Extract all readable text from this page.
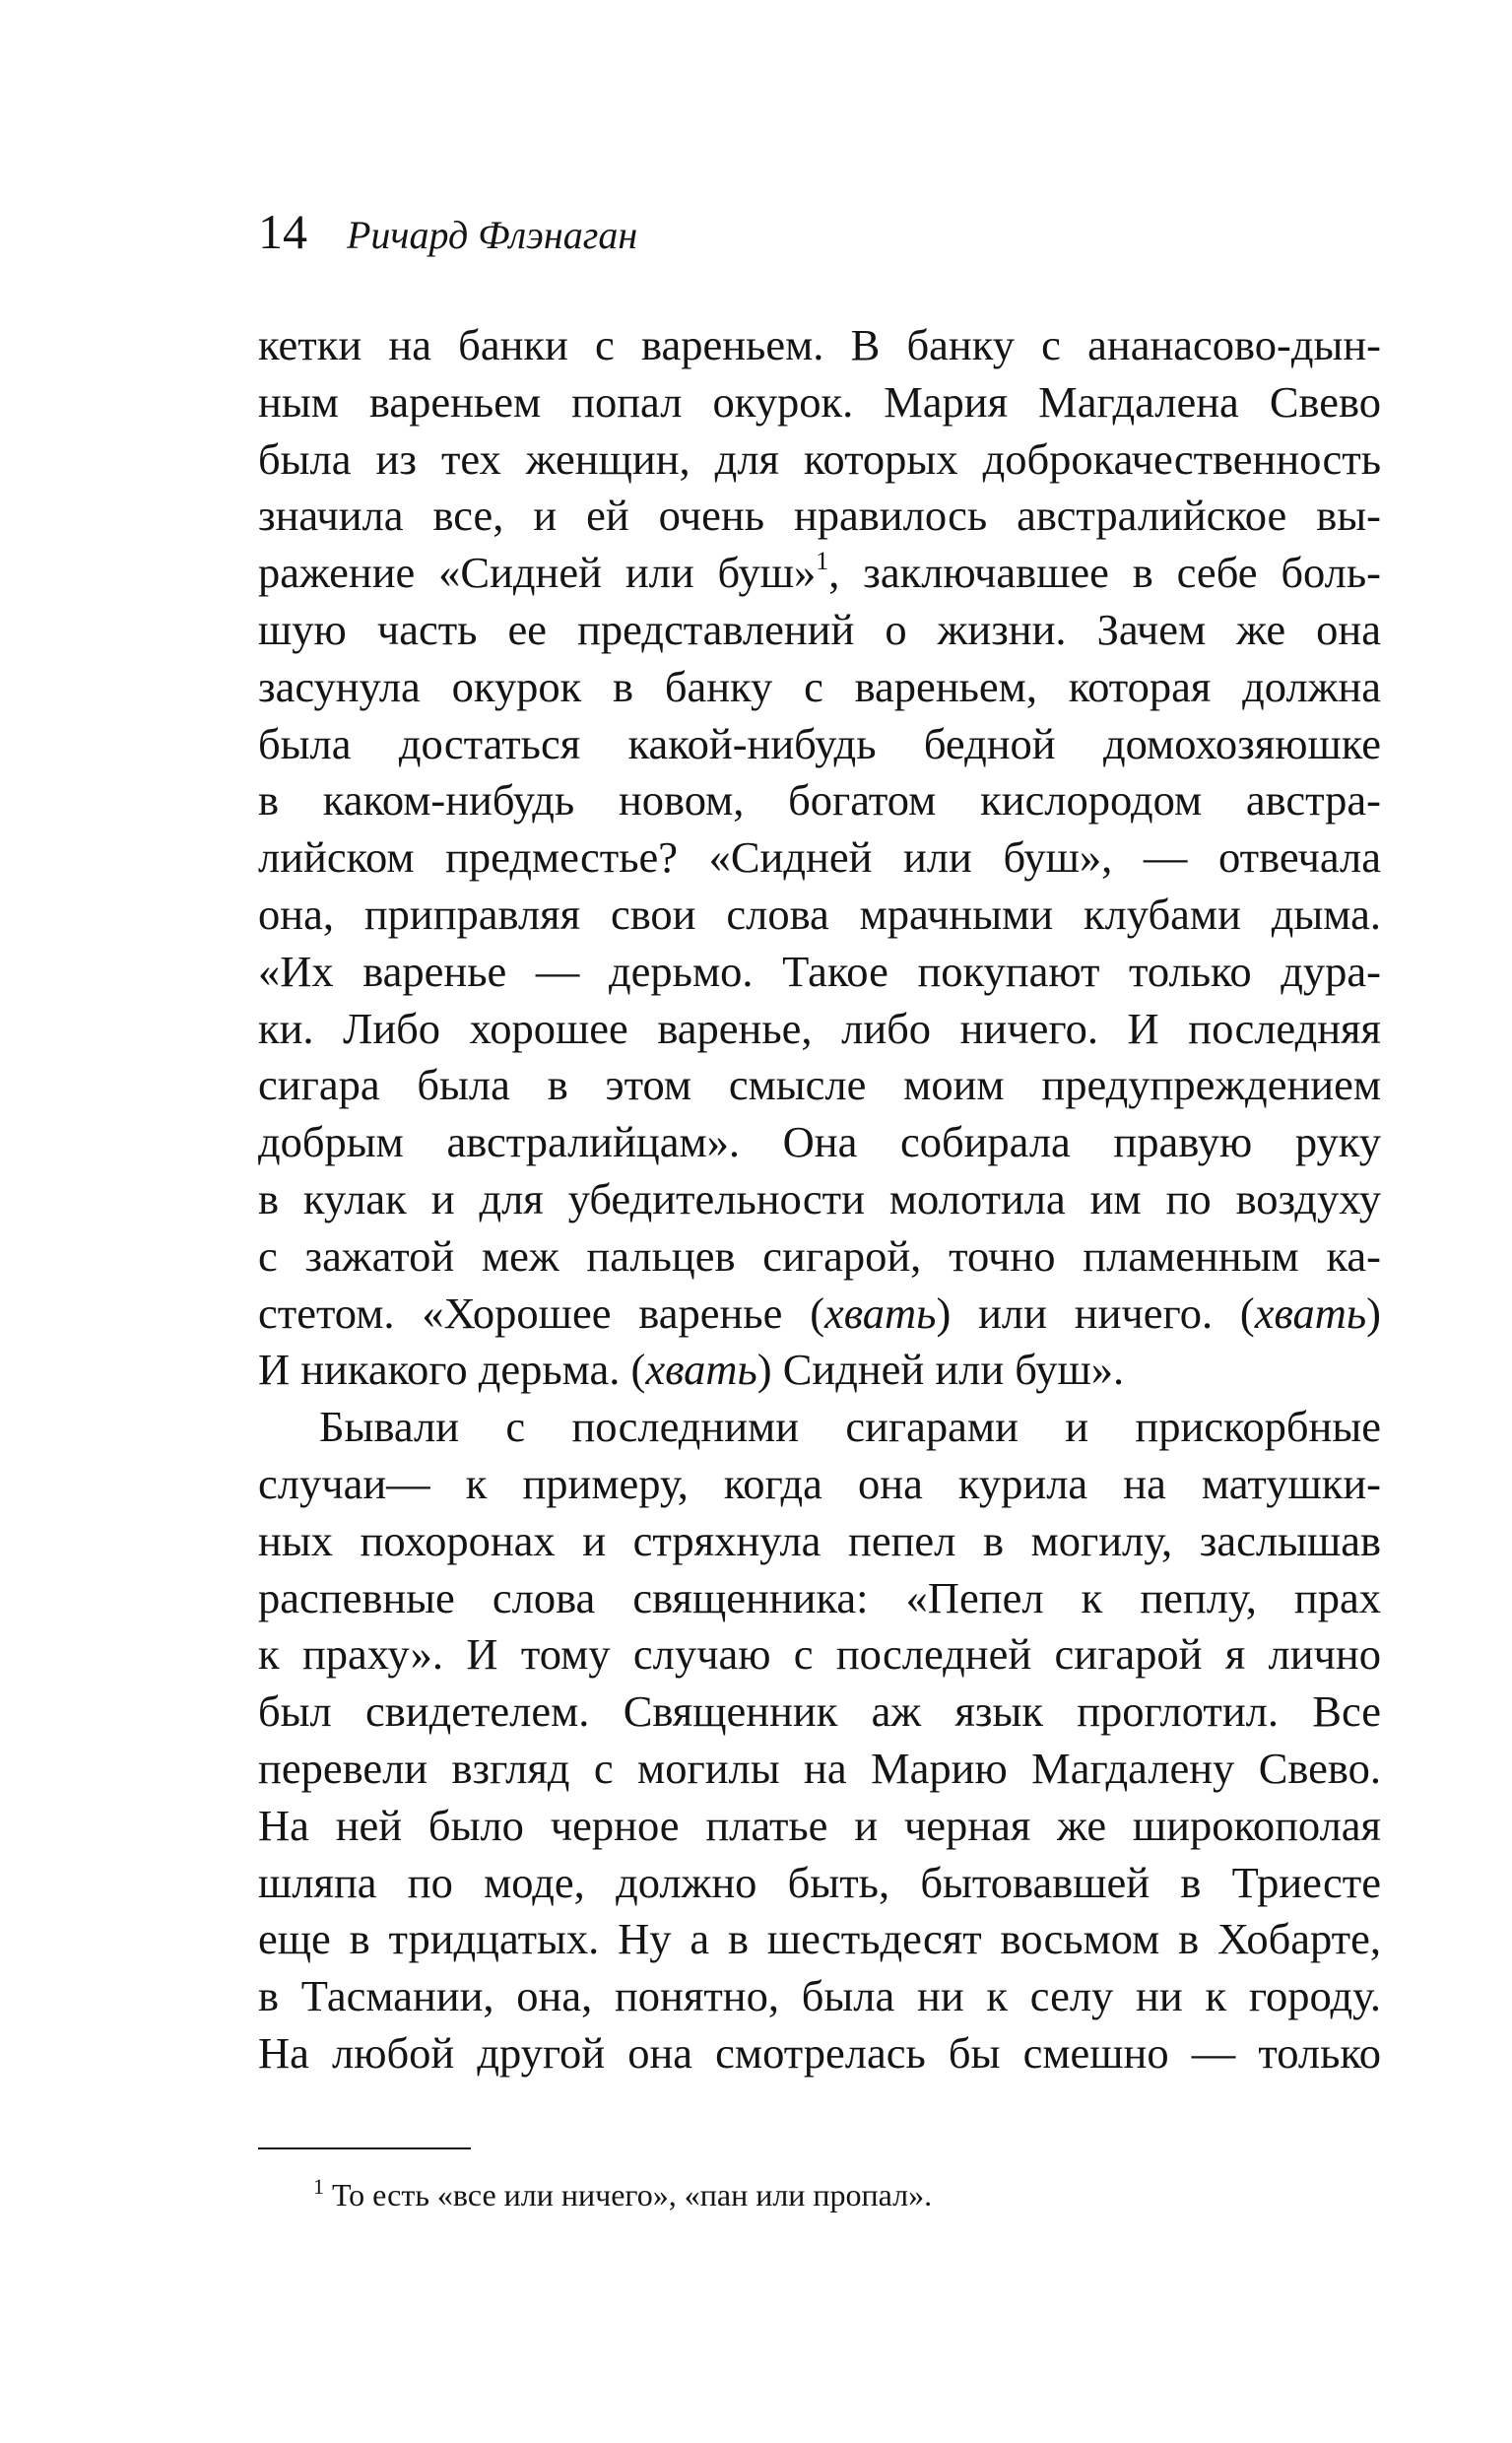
14 Ричард Флэнаган
кетки на банки с вареньем. В банку с ананасово-дын-
ным вареньем попал окурок. Мария Магдалена Свево
была из тех женщин, для которых доброкачественность
значила все, и ей очень нравилось австралийское вы-
ражение «Сидней или буш»$^1$, заключавшее в себе боль-
шую часть ее представлений о жизни. Зачем же она
засунула окурок в банку с вареньем, которая должна
была достаться какой-нибудь бедной домохозяюшке
в каком-нибудь новом, богатом кислородом австра-
лийском предместье? «Сидней или буш», — отвечала
она, приправляя свои слова мрачными клубами дыма.
«Их варенье — дерьмо. Такое покупают только дура-
ки. Либо хорошее варенье, либо ничего. И последняя
сигара была в этом смысле моим предупреждением
добрым австралийцам». Она собирала правую руку
в кулак и для убедительности молотила им по воздуху
с зажатой меж пальцев сигарой, точно пламенным ка-
стетом. «Хорошее варенье (хвать) или ничего. (хвать)
И никакого дерьма. (хвать) Сидней или буш».
Бывали с последними сигарами и прискорбные
случаи— к примеру, когда она курила на матушки-
ных похоронах и стряхнула пепел в могилу, заслышав
распевные слова священника: «Пепел к пеплу, прах
к праху». И тому случаю с последней сигарой я лично
был свидетелем. Священник аж язык проглотил. Все
перевели взгляд с могилы на Марию Магдалену Свево.
На ней было черное платье и черная же широкополая
шляпа по моде, должно быть, бытовавшей в Триесте
еще в тридцатых. Ну а в шестьдесят восьмом в Хобарте,
в Тасмании, она, понятно, была ни к селу ни к городу.
На любой другой она смотрелась бы смешно — только
$^1$ То есть «все или ничего», «пан или пропал».
